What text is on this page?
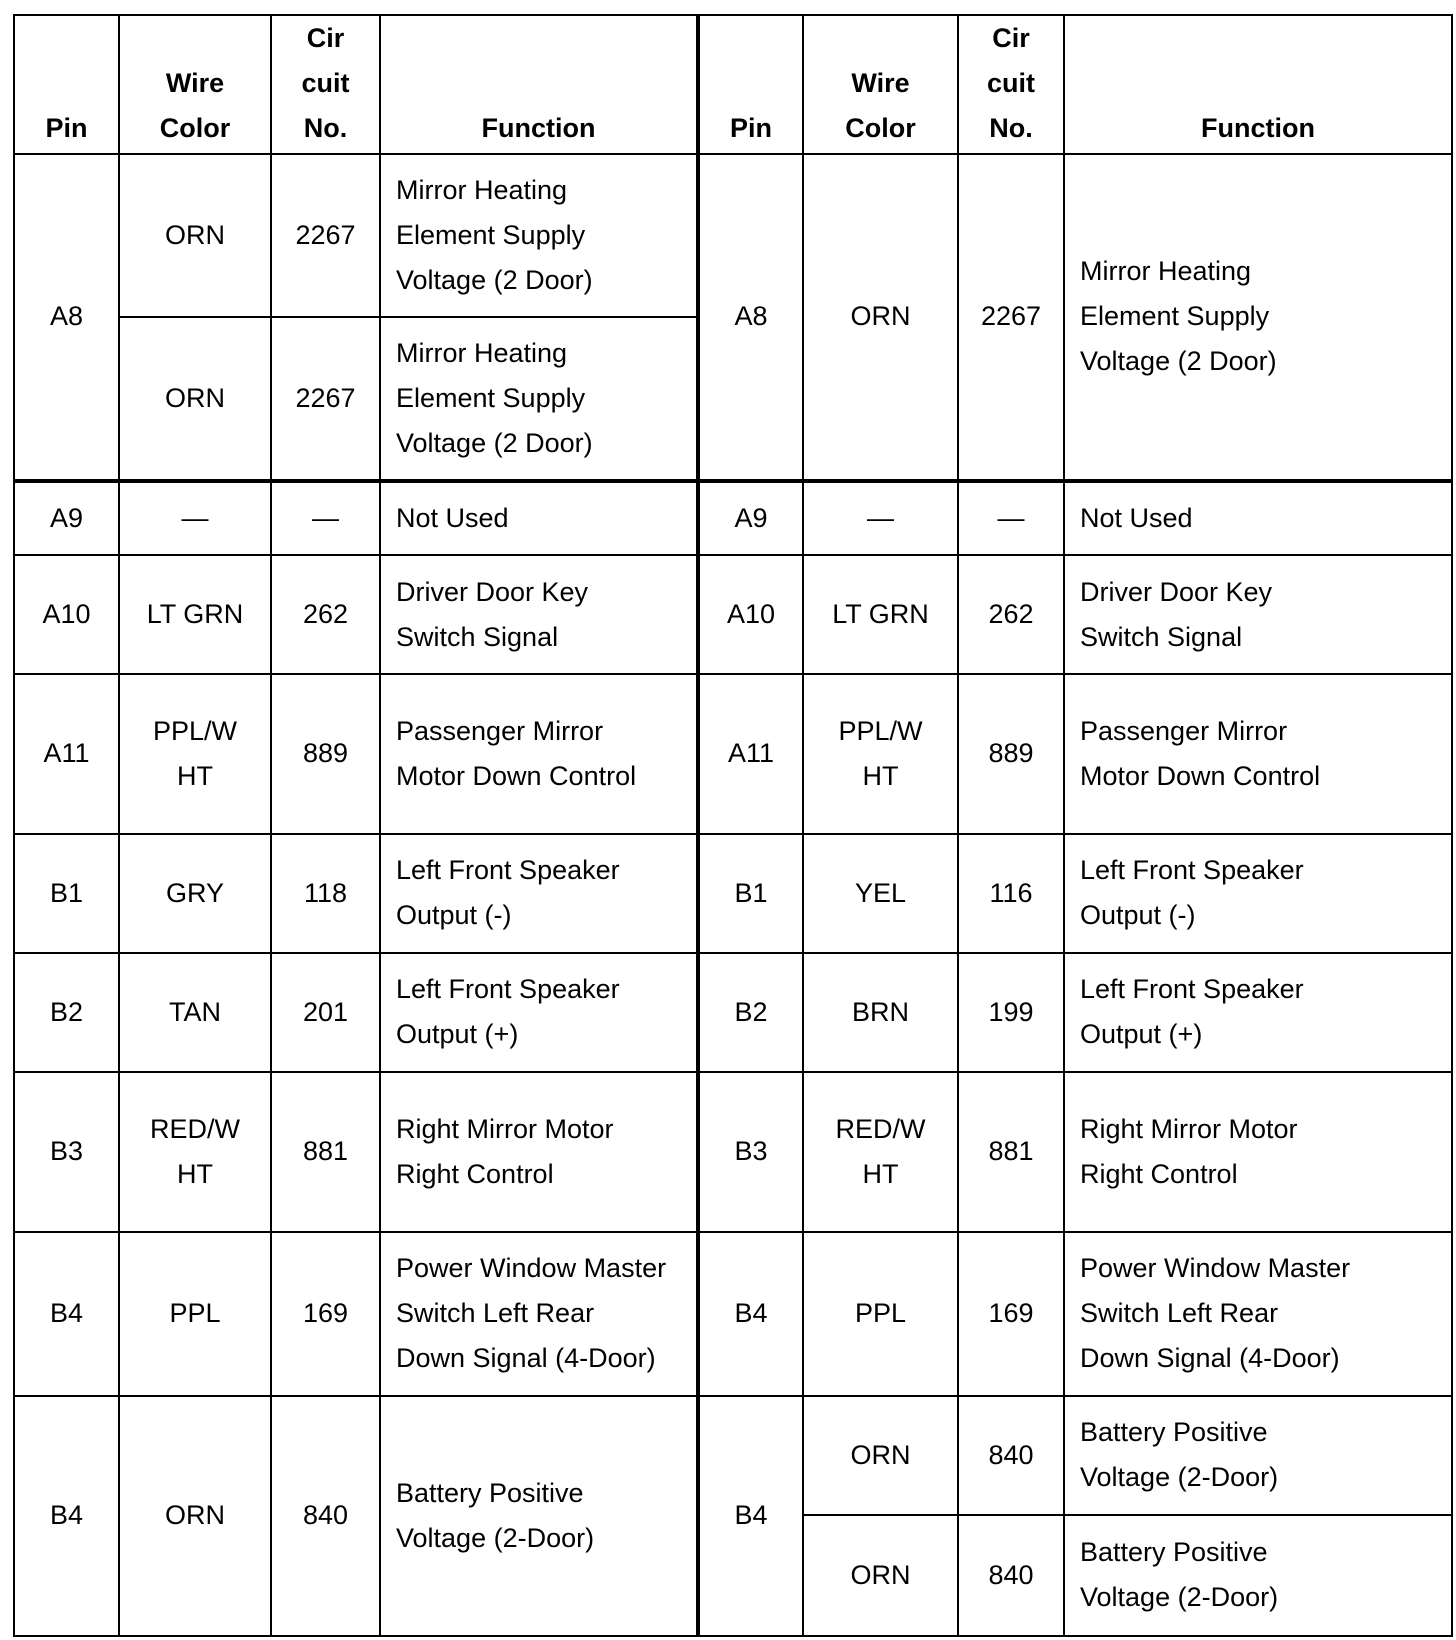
Pin	Wire
Color	Cir
cuit
No.	Function	Pin	Wire
Color	Cir
cuit
No.	Function
A8	ORN	2267	Mirror Heating
Element Supply
Voltage (2 Door)	A8	ORN	2267	Mirror Heating
Element Supply
Voltage (2 Door)

	ORN	2267	Mirror Heating
Element Supply
Voltage (2 Door)				

A9	—	—	Not Used	A9	—	—	Not Used
A10	LT GRN	262	Driver Door Key
Switch Signal	A10	LT GRN	262	Driver Door Key
Switch Signal

A11	PPL/W
HT	889	Passenger Mirror
Motor Down Control	A11	PPL/W
HT	889	Passenger Mirror
Motor Down Control

B1	GRY	118	Left Front Speaker
Output (-)	B1	YEL	116	Left Front Speaker
Output (-)

B2	TAN	201	Left Front Speaker
Output (+)	B2	BRN	199	Left Front Speaker
Output (+)

B3	RED/W
HT	881	Right Mirror Motor
Right Control	B3	RED/W
HT	881	Right Mirror Motor
Right Control

B4	PPL	169	Power Window Master
Switch Left Rear
Down Signal (4-Door)	B4	PPL	169	Power Window Master
Switch Left Rear
Down Signal (4-Door)

B4	ORN	840	Battery Positive
Voltage (2-Door)	B4	ORN	840	Battery Positive
Voltage (2-Door)

					ORN	840	Battery Positive
Voltage (2-Door)
